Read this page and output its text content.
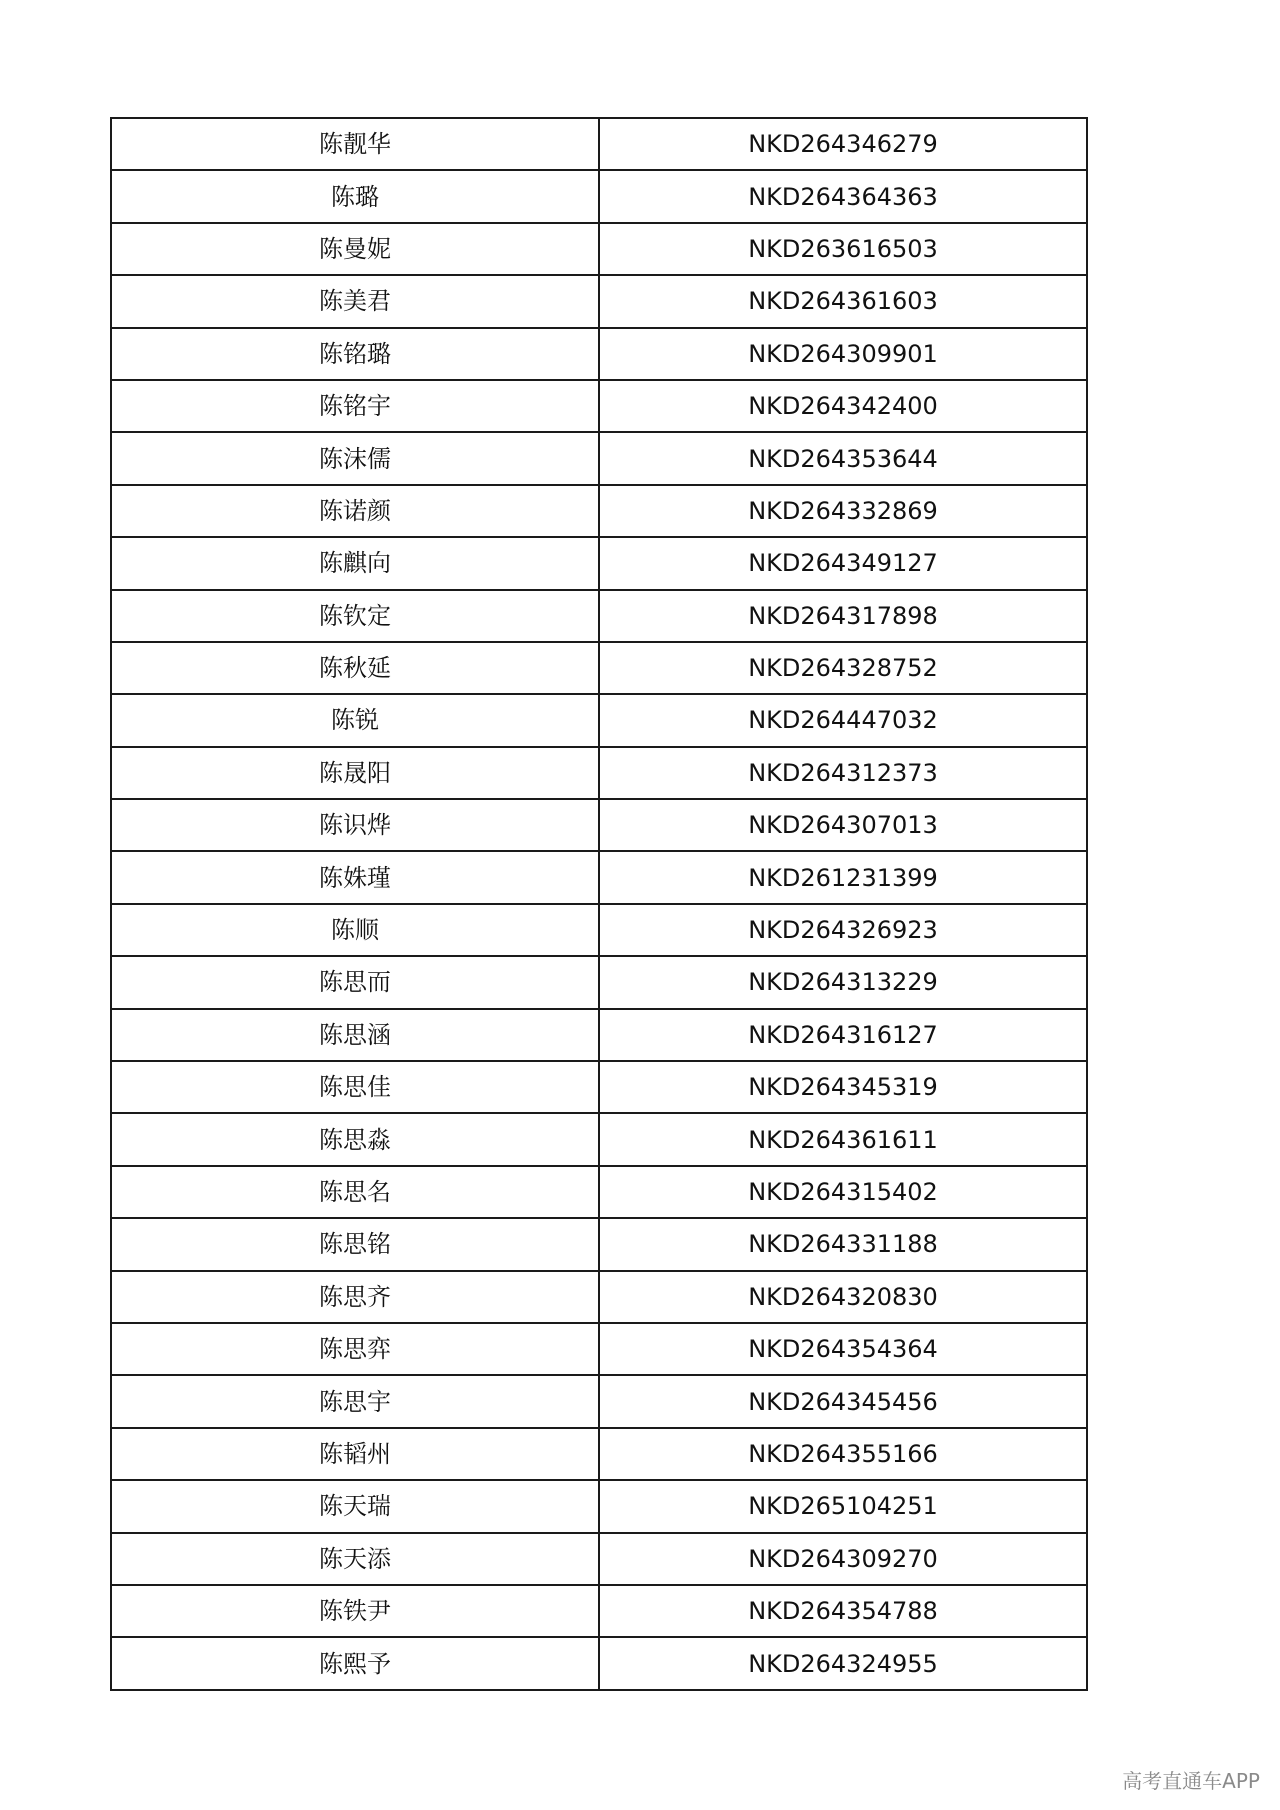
陈靓华	NKD264346279
陈璐	NKD264364363
陈曼妮	NKD263616503
陈美君	NKD264361603
陈铭璐	NKD264309901
陈铭宇	NKD264342400
陈沫儒	NKD264353644
陈诺颜	NKD264332869
陈麒向	NKD264349127
陈钦定	NKD264317898
陈秋延	NKD264328752
陈锐	NKD264447032
陈晟阳	NKD264312373
陈识烨	NKD264307013
陈姝瑾	NKD261231399
陈顺	NKD264326923
陈思而	NKD264313229
陈思涵	NKD264316127
陈思佳	NKD264345319
陈思淼	NKD264361611
陈思名	NKD264315402
陈思铭	NKD264331188
陈思齐	NKD264320830
陈思弈	NKD264354364
陈思宇	NKD264345456
陈韬州	NKD264355166
陈天瑞	NKD265104251
陈天添	NKD264309270
陈铁尹	NKD264354788
陈熙予	NKD264324955
高考直通车APP
